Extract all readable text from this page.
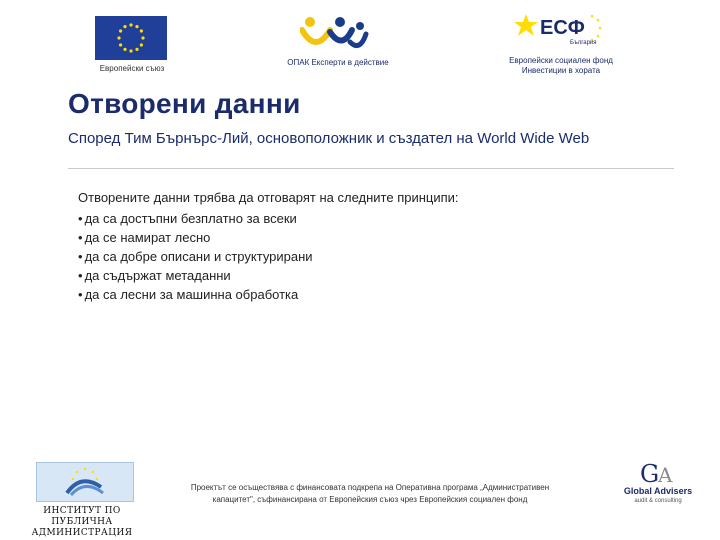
Европейски съюз
ОПАК Експерти в действие
ЕСФ
България
Европейски социален фонд
Инвестиции в хората
Отворени данни
Според Тим Бърнърс-Лий, основоположник и създател на World Wide Web
Отворените данни трябва да отговарят на следните принципи:
• да са достъпни безплатно за всеки
• да се намират лесно
• да са добре описани и структурирани
• да съдържат метаданни
• да са лесни за машинна обработка
ИНСТИТУТ ПО ПУБЛИЧНА
АДМИНИСТРАЦИЯ
Проектът се осъществява с финансовата подкрепа на Оперативна програма „Административен
капацитет", съфинансирана от Европейския съюз чрез Европейския социален фонд
G
A
Global Advisers
audit & consulting
